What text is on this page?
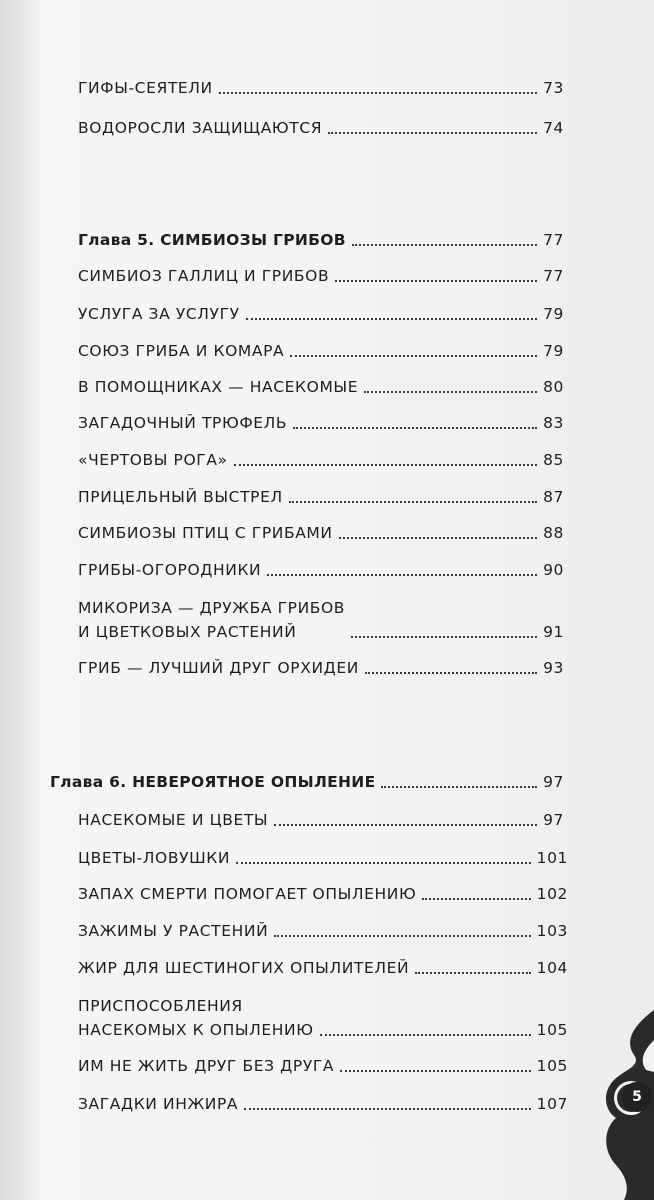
ГИФЫ-СЕЯТЕЛИ	73
ВОДОРОСЛИ ЗАЩИЩАЮТСЯ	74
Глава 5. СИМБИОЗЫ ГРИБОВ	77
СИМБИОЗ ГАЛЛИЦ И ГРИБОВ	77
УСЛУГА ЗА УСЛУГУ	79
СОЮЗ ГРИБА И КОМАРА	79
В ПОМОЩНИКАХ — НАСЕКОМЫЕ	80
ЗАГАДОЧНЫЙ ТРЮФЕЛЬ	83
«ЧЕРТОВЫ РОГА»	85
ПРИЦЕЛЬНЫЙ ВЫСТРЕЛ	87
СИМБИОЗЫ ПТИЦ С ГРИБАМИ	88
ГРИБЫ-ОГОРОДНИКИ	90
МИКОРИЗА — ДРУЖБА ГРИБОВ
И ЦВЕТКОВЫХ РАСТЕНИЙ	91
ГРИБ — ЛУЧШИЙ ДРУГ ОРХИДЕИ	93
Глава 6. НЕВЕРОЯТНОЕ ОПЫЛЕНИЕ	97
НАСЕКОМЫЕ И ЦВЕТЫ	97
ЦВЕТЫ-ЛОВУШКИ	101
ЗАПАХ СМЕРТИ ПОМОГАЕТ ОПЫЛЕНИЮ	102
ЗАЖИМЫ У РАСТЕНИЙ	103
ЖИР ДЛЯ ШЕСТИНОГИХ ОПЫЛИТЕЛЕЙ	104
ПРИСПОСОБЛЕНИЯ
НАСЕКОМЫХ К ОПЫЛЕНИЮ	105
ИМ НЕ ЖИТЬ ДРУГ БЕЗ ДРУГА	105
ЗАГАДКИ ИНЖИРА	107	5
